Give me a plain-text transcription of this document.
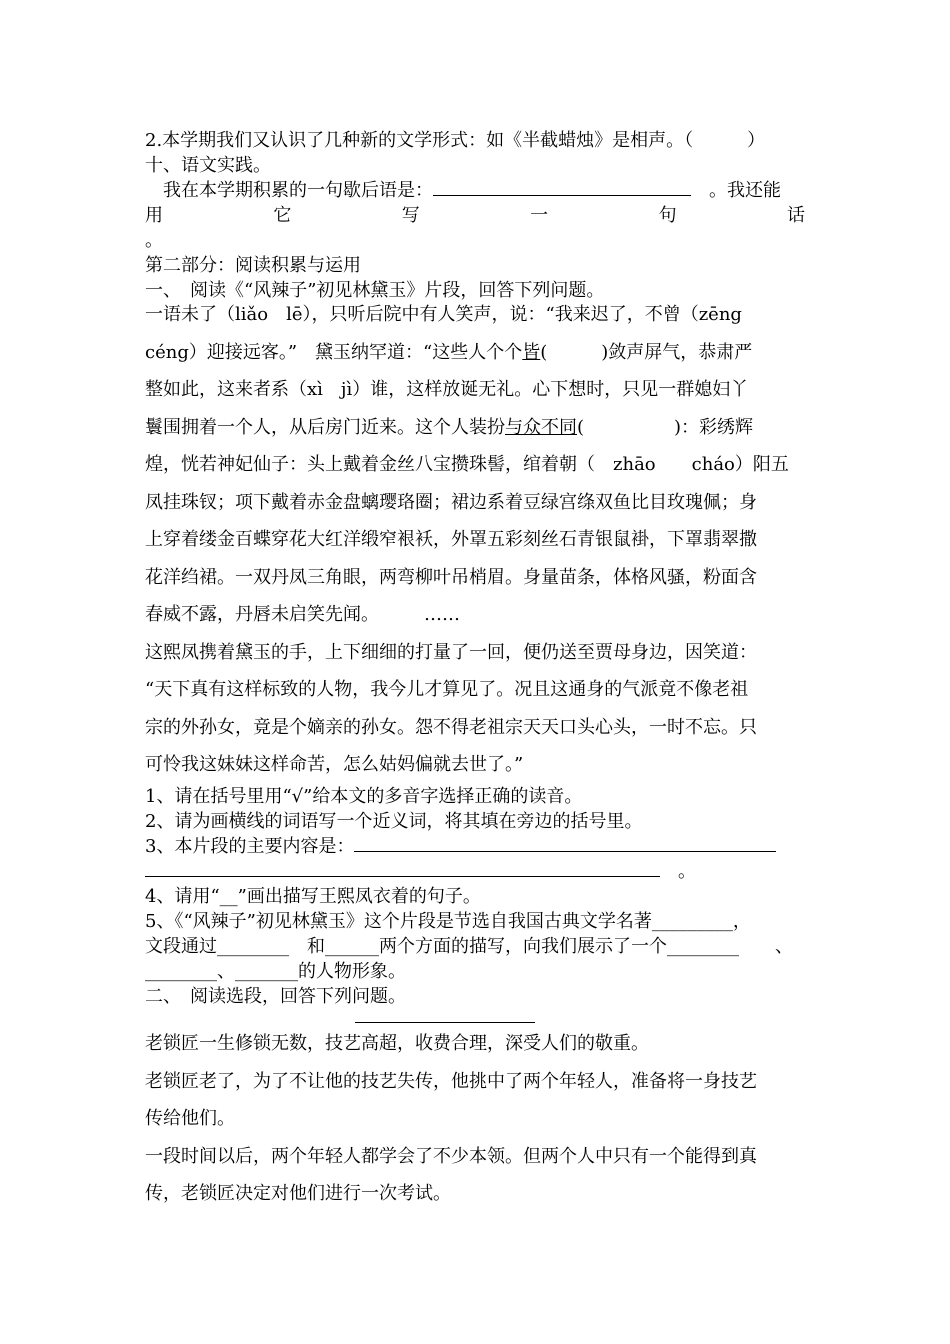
2.本学期我们又认识了几种新的文学形式：如《半截蜡烛》是相声。（　　　）
十、语文实践。
　我在本学期积累的一句歇后语是：　	。我还能
用	它	写	一	句	话
。
第二部分：阅读积累与运用
一、　阅读《“风辣子”初见林黛玉》片段，回答下列问题。
一语未了（liǎo　lē），只听后院中有人笑声，说：“我来迟了，不曾（zēng
céng）迎接远客。”　黛玉纳罕道：“这些人个个皆(　　　)敛声屏气，恭肃严
整如此，这来者系（xì　jì）谁，这样放诞无礼。心下想时，只见一群媳妇丫
鬟围拥着一个人，从后房门近来。这个人装扮与众不同(　　　　　)：彩绣辉
煌，恍若神妃仙子：头上戴着金丝八宝攒珠髻，绾着朝（　zhāo　　cháo）阳五
凤挂珠钗；项下戴着赤金盘螭璎珞圈；裙边系着豆绿宫绦双鱼比目玫瑰佩；身
上穿着缕金百蝶穿花大红洋缎窄裉袄，外罩五彩刻丝石青银鼠褂，下罩翡翠撒
花洋绉裙。一双丹凤三角眼，两弯柳叶吊梢眉。身量苗条，体格风骚，粉面含
春威不露，丹唇未启笑先闻。　　　……
这熙凤携着黛玉的手，上下细细的打量了一回，便仍送至贾母身边，因笑道：
“天下真有这样标致的人物，我今儿才算见了。况且这通身的气派竟不像老祖
宗的外孙女，竟是个嫡亲的孙女。怨不得老祖宗天天口头心头，一时不忘。只
可怜我这妹妹这样命苦，怎么姑妈偏就去世了。”
1、请在括号里用“√”给本文的多音字选择正确的读音。
2、请为画横线的词语写一个近义词，将其填在旁边的括号里。
3、本片段的主要内容是：
　。
4、请用“__”画出描写王熙凤衣着的句子。
5、《“风辣子”初见林黛玉》这个片段是节选自我国古典文学名著_________，
文段通过________　和______两个方面的描写，向我们展示了一个________　　 、
________、_______的人物形象。
二、　阅读选段，回答下列问题。
老锁匠一生修锁无数，技艺高超，收费合理，深受人们的敬重。
老锁匠老了，为了不让他的技艺失传，他挑中了两个年轻人，准备将一身技艺
传给他们。
一段时间以后，两个年轻人都学会了不少本领。但两个人中只有一个能得到真
传，老锁匠决定对他们进行一次考试。
